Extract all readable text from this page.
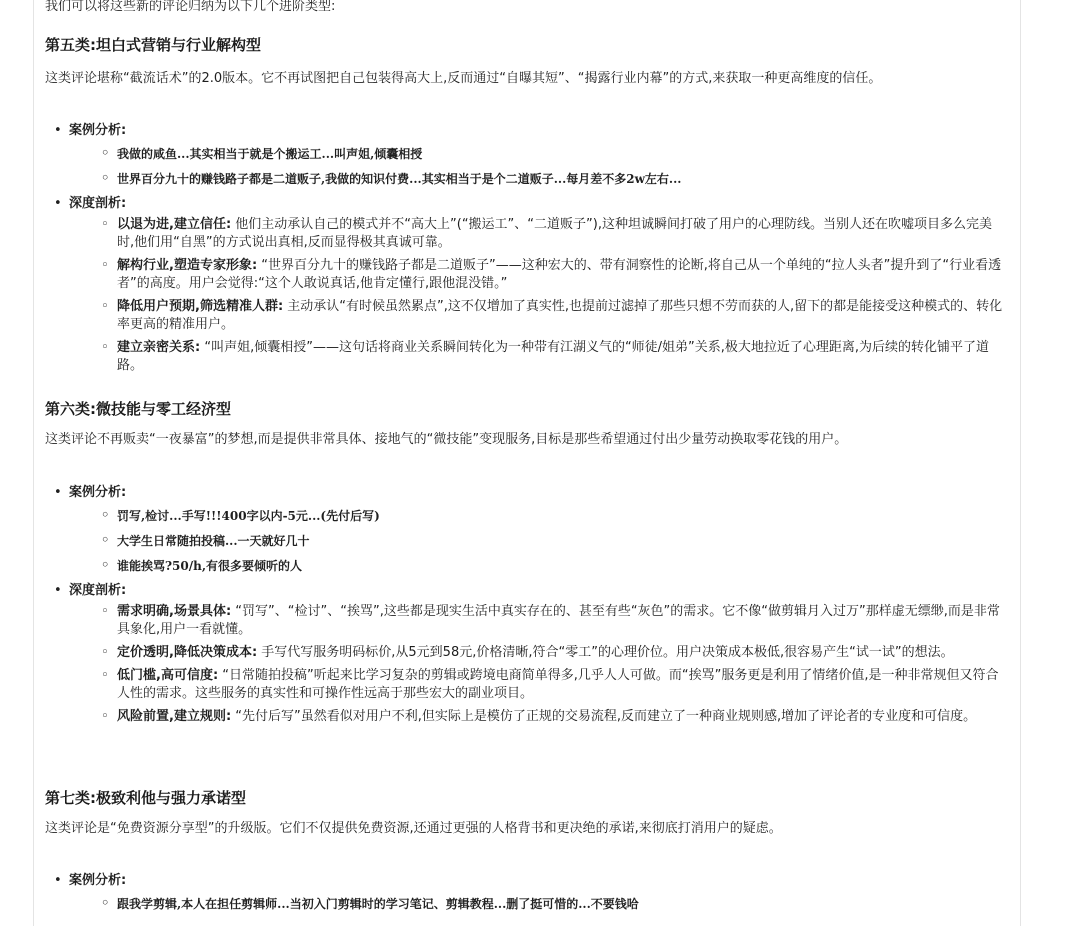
我们可以将这些新的评论归纳为以下几个进阶类型:

第五类:坦白式营销与行业解构型

这类评论堪称“截流话术”的2.0版本。它不再试图把自己包装得高大上,反而通过“自曝其短”、“揭露行业内幕”的方式,来获取一种更高维度的信任。

• 案例分析:
◦ 我做的咸鱼...其实相当于就是个搬运工...叫声姐,倾囊相授
◦ 世界百分九十的赚钱路子都是二道贩子,我做的知识付费...其实相当于是个二道贩子...每月差不多2w左右...
• 深度剖析:
◦ 以退为进,建立信任: 他们主动承认自己的模式并不“高大上”(“搬运工”、“二道贩子”),这种坦诚瞬间打破了用户的心理防线。当别人还在吹嘘项目多么完美时,他们用“自黑”的方式说出真相,反而显得极其真诚可靠。
◦ 解构行业,塑造专家形象: “世界百分九十的赚钱路子都是二道贩子”——这种宏大的、带有洞察性的论断,将自己从一个单纯的“拉人头者”提升到了“行业看透者”的高度。用户会觉得:“这个人敢说真话,他肯定懂行,跟他混没错。”
◦ 降低用户预期,筛选精准人群: 主动承认“有时候虽然累点”,这不仅增加了真实性,也提前过滤掉了那些只想不劳而获的人,留下的都是能接受这种模式的、转化率更高的精准用户。
◦ 建立亲密关系: “叫声姐,倾囊相授”——这句话将商业关系瞬间转化为一种带有江湖义气的“师徒/姐弟”关系,极大地拉近了心理距离,为后续的转化铺平了道路。
第六类:微技能与零工经济型

这类评论不再贩卖“一夜暴富”的梦想,而是提供非常具体、接地气的“微技能”变现服务,目标是那些希望通过付出少量劳动换取零花钱的用户。

• 案例分析:
◦ 罚写,检讨...手写!!!400字以内-5元...(先付后写)
◦ 大学生日常随拍投稿...一天就好几十
◦ 谁能挨骂?50/h,有很多要倾听的人
• 深度剖析:
◦ 需求明确,场景具体: “罚写”、“检讨”、“挨骂”,这些都是现实生活中真实存在的、甚至有些“灰色”的需求。它不像“做剪辑月入过万”那样虚无缥缈,而是非常具象化,用户一看就懂。
◦ 定价透明,降低决策成本: 手写代写服务明码标价,从5元到58元,价格清晰,符合“零工”的心理价位。用户决策成本极低,很容易产生“试一试”的想法。
◦ 低门槛,高可信度: “日常随拍投稿”听起来比学习复杂的剪辑或跨境电商简单得多,几乎人人可做。而“挨骂”服务更是利用了情绪价值,是一种非常规但又符合人性的需求。这些服务的真实性和可操作性远高于那些宏大的副业项目。
◦ 风险前置,建立规则: “先付后写”虽然看似对用户不利,但实际上是模仿了正规的交易流程,反而建立了一种商业规则感,增加了评论者的专业度和可信度。
第七类:极致利他与强力承诺型

这类评论是“免费资源分享型”的升级版。它们不仅提供免费资源,还通过更强的人格背书和更决绝的承诺,来彻底打消用户的疑虑。

• 案例分析:
◦ 跟我学剪辑,本人在担任剪辑师...当初入门剪辑时的学习笔记、剪辑教程...删了挺可惜的...不要钱哈
